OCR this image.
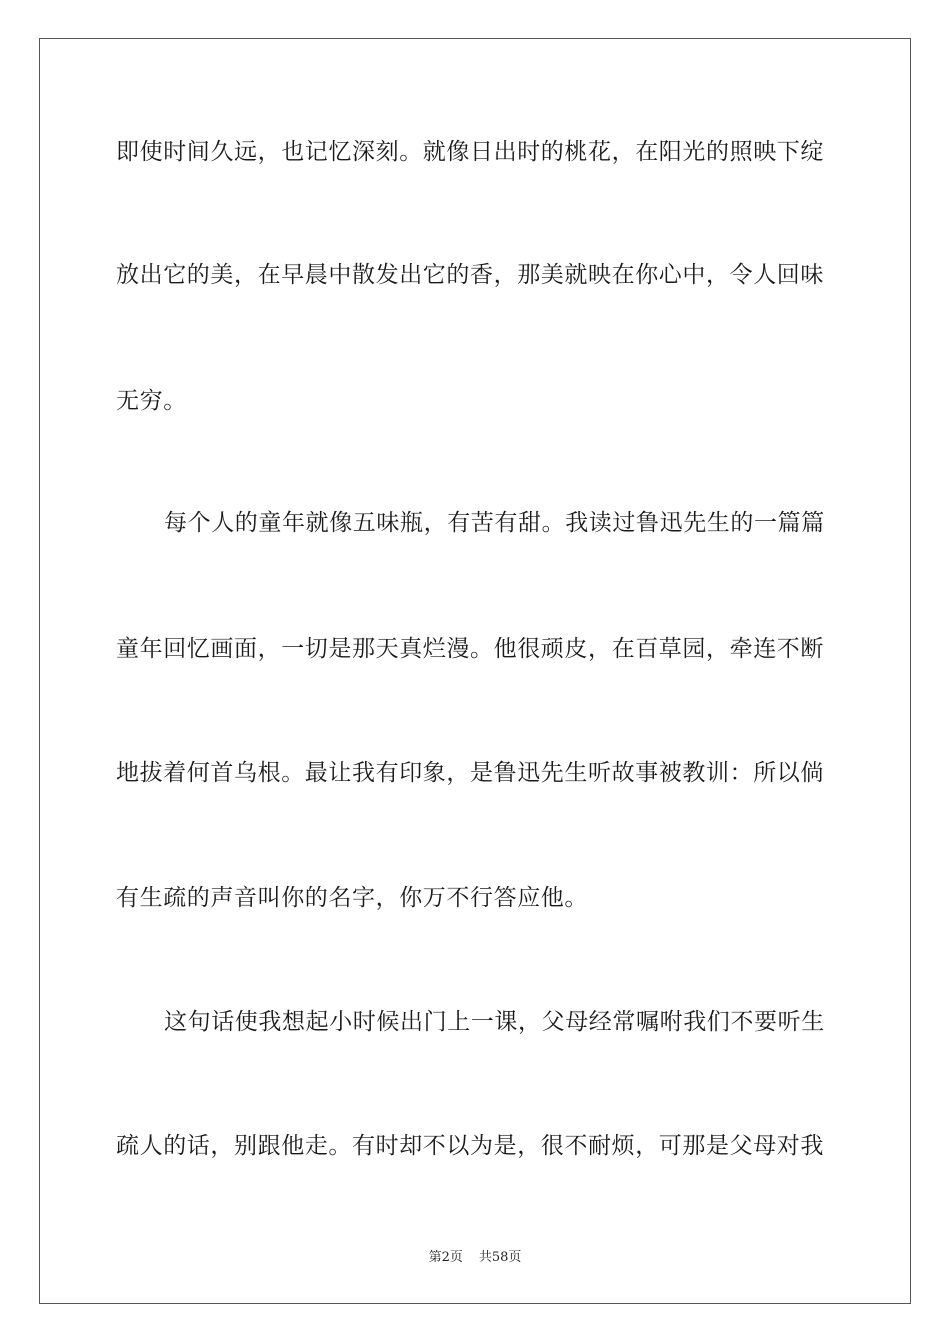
即使时间久远，也记忆深刻。就像日出时的桃花，在阳光的照映下绽
放出它的美，在早晨中散发出它的香，那美就映在你心中，令人回味
无穷。
每个人的童年就像五味瓶，有苦有甜。我读过鲁迅先生的一篇篇
童年回忆画面，一切是那天真烂漫。他很顽皮，在百草园，牵连不断
地拔着何首乌根。最让我有印象，是鲁迅先生听故事被教训：所以倘
有生疏的声音叫你的名字，你万不行答应他。
这句话使我想起小时候出门上一课，父母经常嘱咐我们不要听生
疏人的话，别跟他走。有时却不以为是，很不耐烦，可那是父母对我
第2页 共58页
